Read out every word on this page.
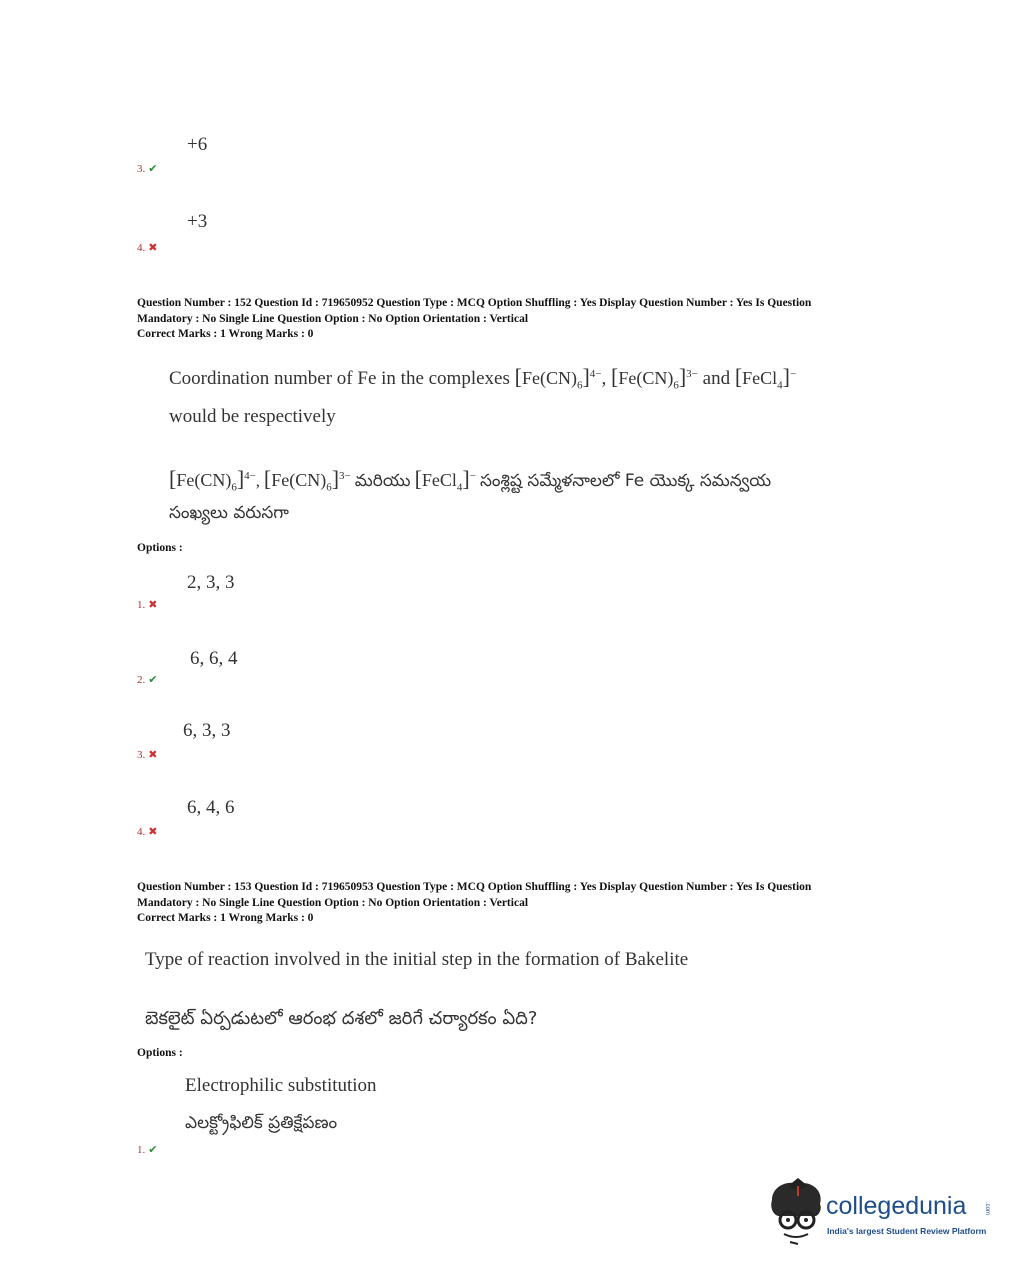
+6
3. ✔
+3
4. ✖
Question Number : 152 Question Id : 719650952 Question Type : MCQ Option Shuffling : Yes Display Question Number : Yes Is Question
Mandatory : No Single Line Question Option : No Option Orientation : Vertical
Correct Marks : 1 Wrong Marks : 0
Coordination number of Fe in the complexes $[Fe(CN)_6]^{4-}$, $[Fe(CN)_6]^{3-}$ and [FeCl$_4$]−
would be respectively
$[Fe(CN)_6]^{4-}$, $[Fe(CN)_6]^{3-}$ మరియు [FeCl$_4$]− సంశ్లిష్ట సమ్మేళనాలలో Fe యొక్క సమన్వయ
సంఖ్యలు వరుసగా
Options :
2, 3, 3
1. ✖
6, 6, 4
2. ✔
6, 3, 3
3. ✖
6, 4, 6
4. ✖
Question Number : 153 Question Id : 719650953 Question Type : MCQ Option Shuffling : Yes Display Question Number : Yes Is Question
Mandatory : No Single Line Question Option : No Option Orientation : Vertical
Correct Marks : 1 Wrong Marks : 0
Type of reaction involved in the initial step in the formation of Bakelite
బెకలైట్ ఏర్పడుటలో ఆరంభ దశలో జరిగే చర్యారకం ఏది?
Options :
Electrophilic substitution
ఎలక్ట్రోఫిలిక్ ప్రతిక్షేపణం
1. ✔
collegedunia	.com
India's largest Student Review Platform
